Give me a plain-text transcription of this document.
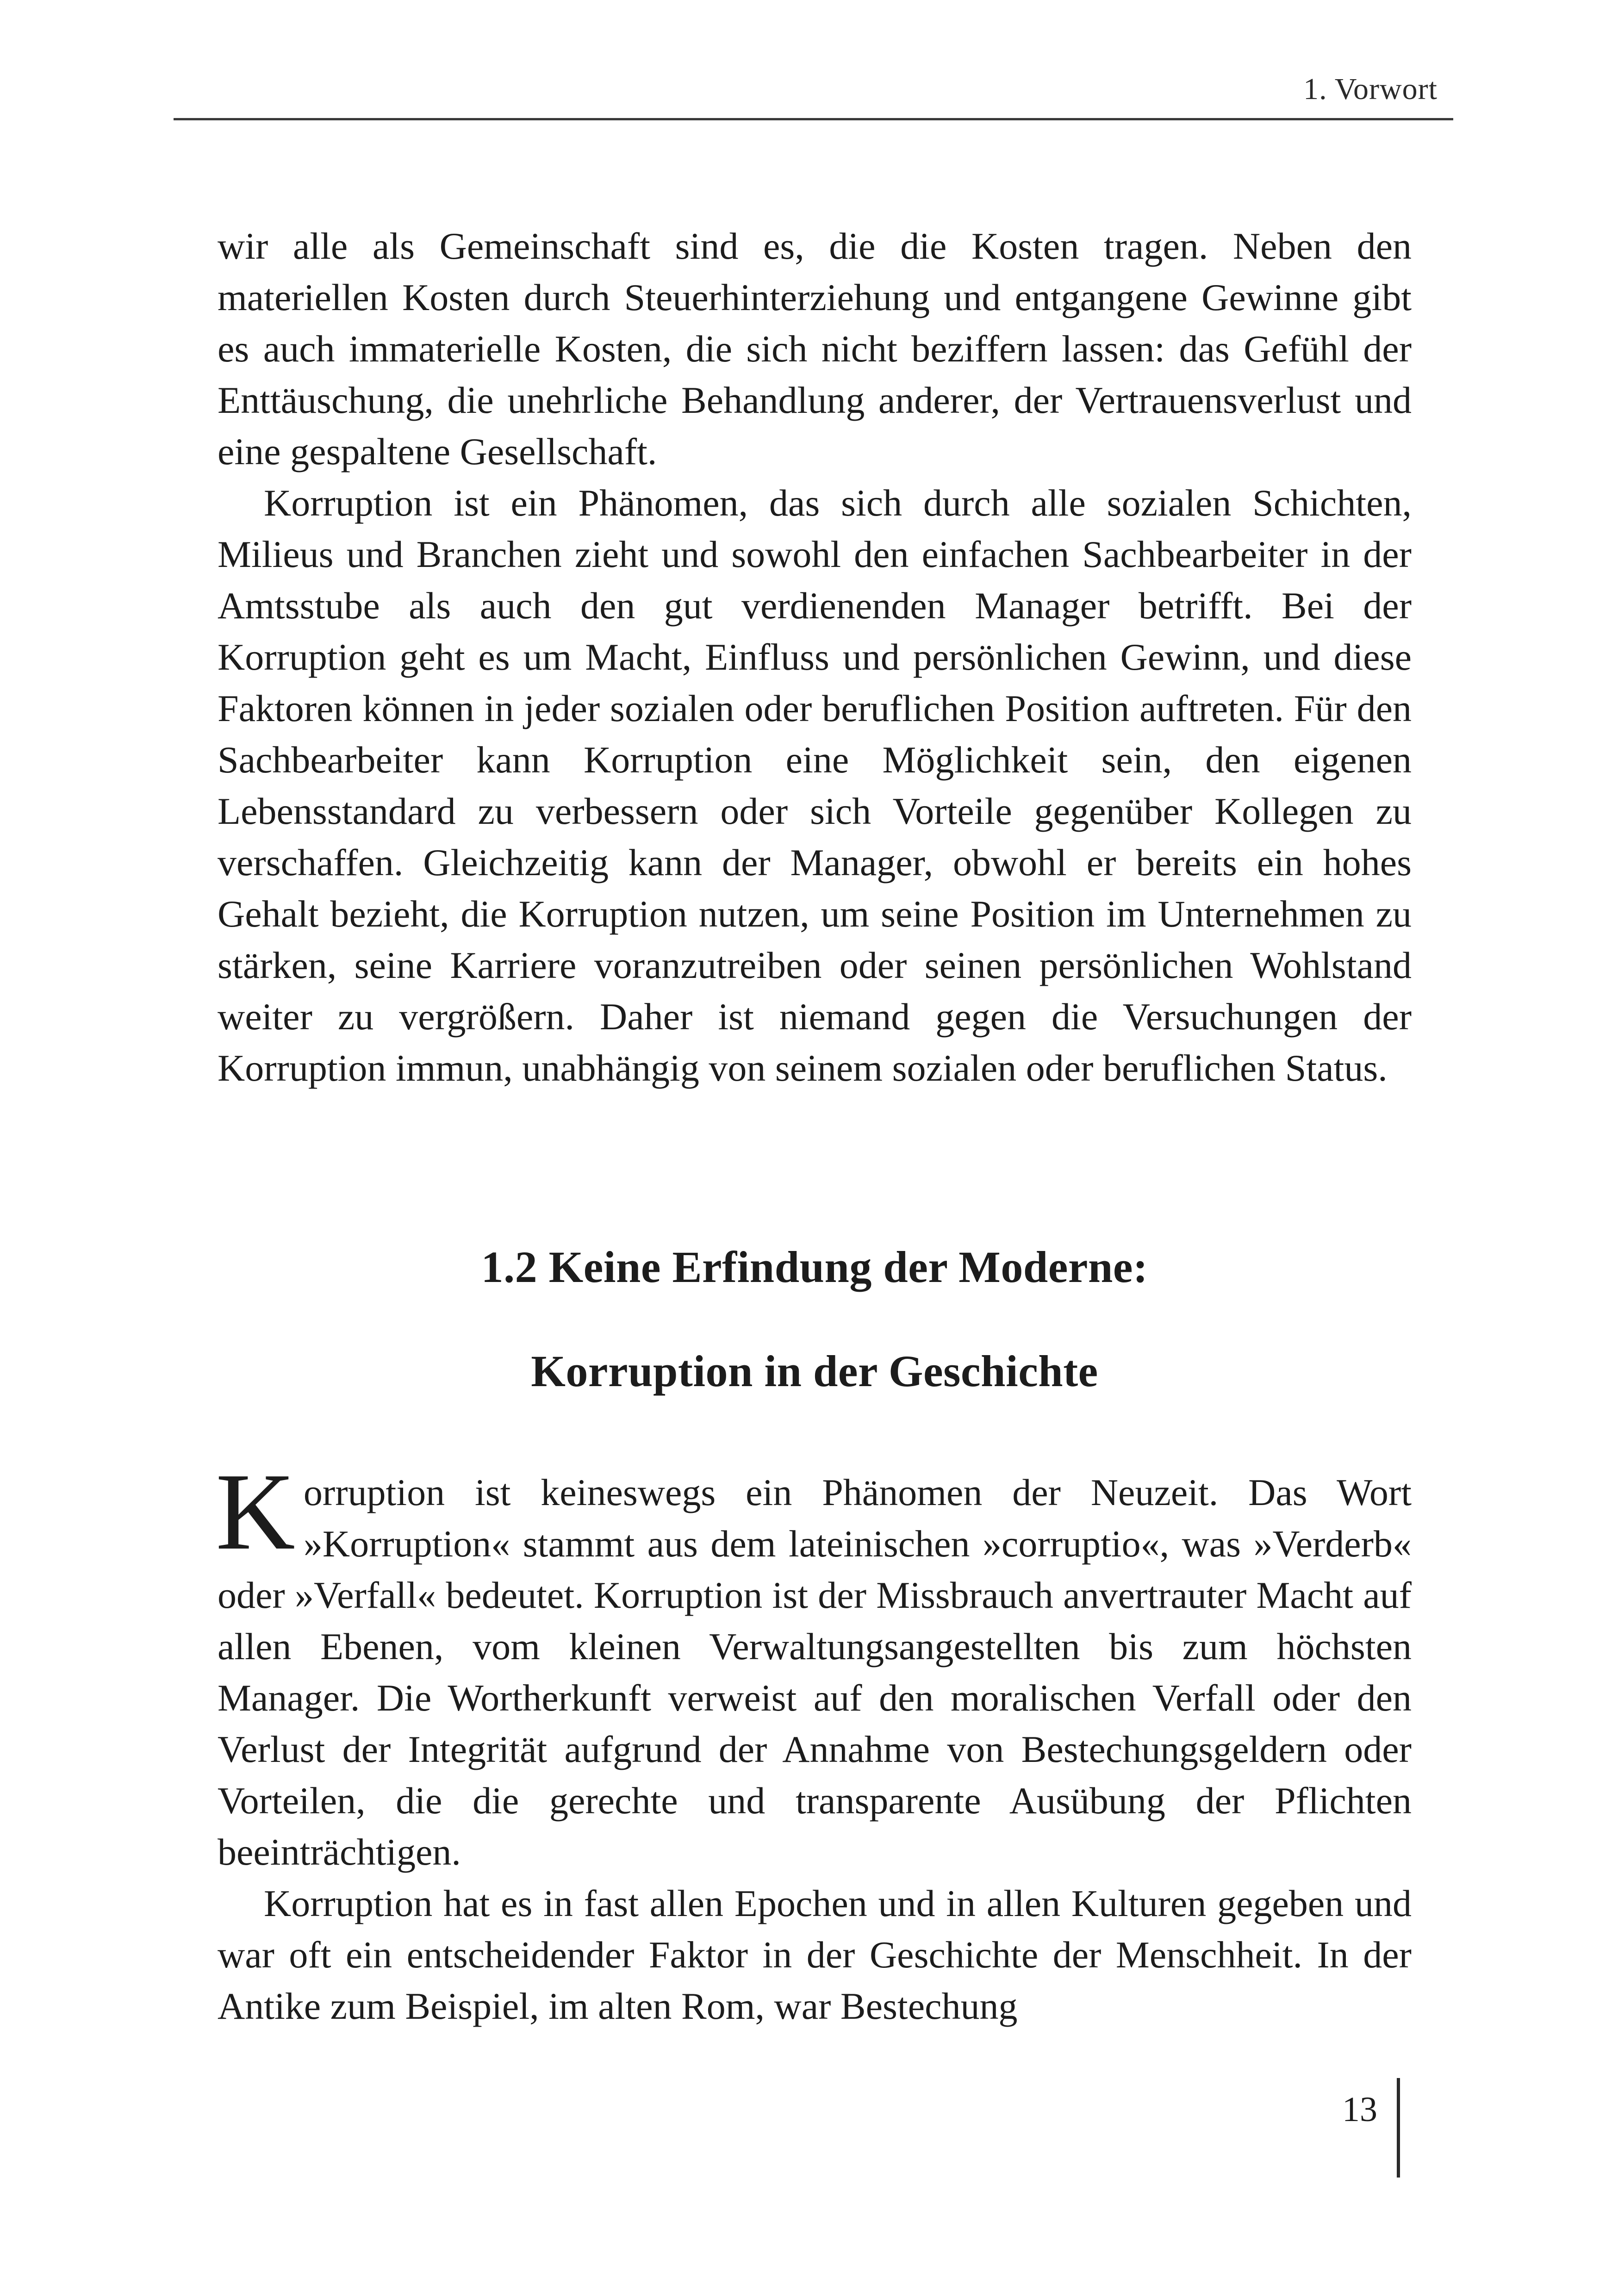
1. Vorwort

wir alle als Gemeinschaft sind es, die die Kosten tragen. Neben den materiellen Kosten durch Steuerhinterziehung und entgangene Gewinne gibt es auch immaterielle Kosten, die sich nicht beziffern lassen: das Gefühl der Enttäuschung, die unehrliche Behandlung anderer, der Vertrauensverlust und eine gespaltene Gesellschaft.

Korruption ist ein Phänomen, das sich durch alle sozialen Schichten, Milieus und Branchen zieht und sowohl den einfachen Sachbearbeiter in der Amtsstube als auch den gut verdienenden Manager betrifft. Bei der Korruption geht es um Macht, Einfluss und persönlichen Gewinn, und diese Faktoren können in jeder sozialen oder beruflichen Position auftreten. Für den Sachbearbeiter kann Korruption eine Möglichkeit sein, den eigenen Lebensstandard zu verbessern oder sich Vorteile gegenüber Kollegen zu verschaffen. Gleichzeitig kann der Manager, obwohl er bereits ein hohes Gehalt bezieht, die Korruption nutzen, um seine Position im Unternehmen zu stärken, seine Karriere voranzutreiben oder seinen persönlichen Wohlstand weiter zu vergrößern. Daher ist niemand gegen die Versuchungen der Korruption immun, unabhängig von seinem sozialen oder beruflichen Status.

1.2 Keine Erfindung der Moderne:
Korruption in der Geschichte

Korruption ist keineswegs ein Phänomen der Neuzeit. Das Wort »Korruption« stammt aus dem lateinischen »corruptio«, was »Verderb« oder »Verfall« bedeutet. Korruption ist der Missbrauch anvertrauter Macht auf allen Ebenen, vom kleinen Verwaltungsangestellten bis zum höchsten Manager. Die Wortherkunft verweist auf den moralischen Verfall oder den Verlust der Integrität aufgrund der Annahme von Bestechungsgeldern oder Vorteilen, die die gerechte und transparente Ausübung der Pflichten beeinträchtigen.

Korruption hat es in fast allen Epochen und in allen Kulturen gegeben und war oft ein entscheidender Faktor in der Geschichte der Menschheit. In der Antike zum Beispiel, im alten Rom, war Bestechung

13
